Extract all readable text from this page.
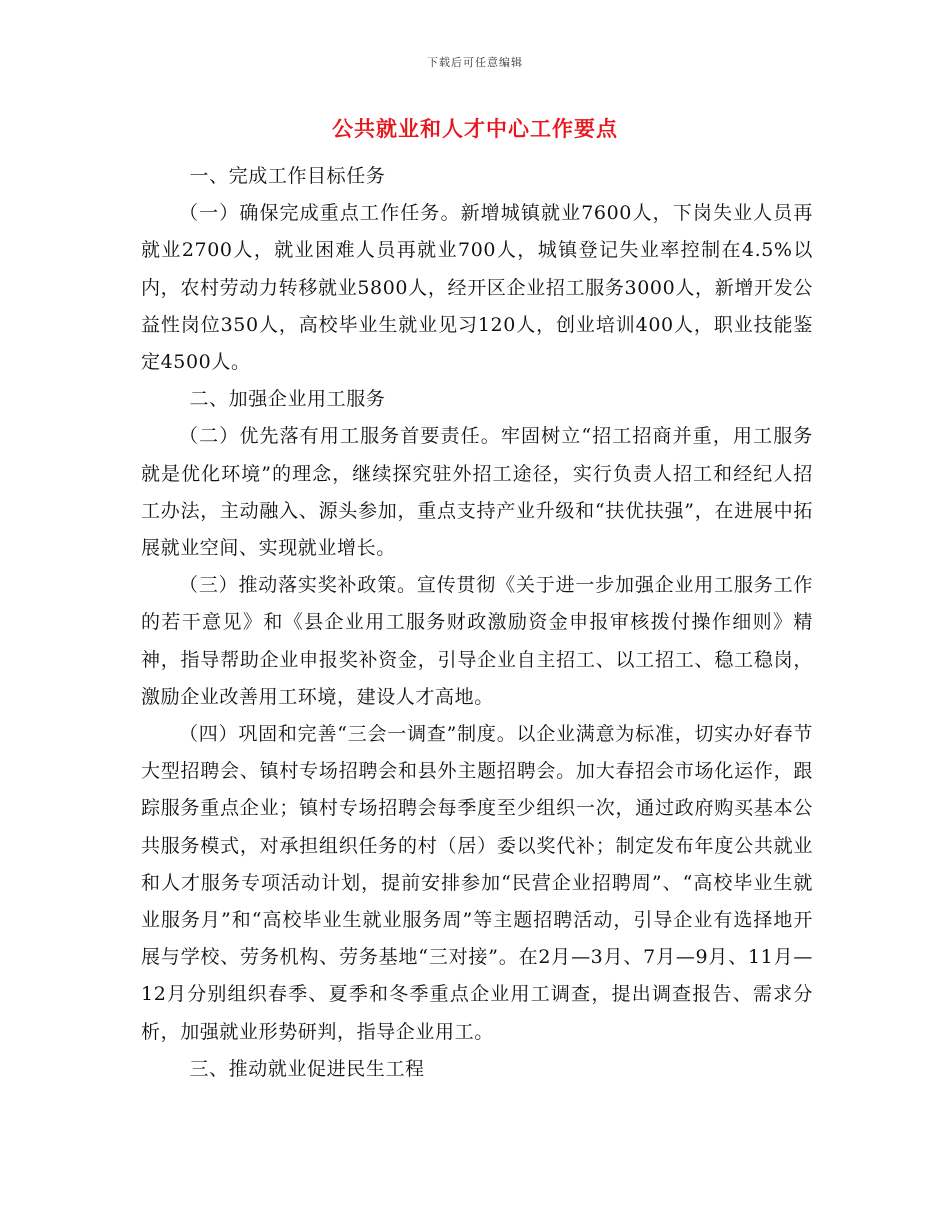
下载后可任意编辑
公共就业和人才中心工作要点

一、完成工作目标任务

（一）确保完成重点工作任务。新增城镇就业7600人，下岗失业人员再就业2700人，就业困难人员再就业700人，城镇登记失业率控制在4.5%以内，农村劳动力转移就业5800人，经开区企业招工服务3000人，新增开发公益性岗位350人，高校毕业生就业见习120人，创业培训400人，职业技能鉴定4500人。

二、加强企业用工服务

（二）优先落有用工服务首要责任。牢固树立“招工招商并重，用工服务就是优化环境”的理念，继续探究驻外招工途径，实行负责人招工和经纪人招工办法，主动融入、源头参加，重点支持产业升级和“扶优扶强”，在进展中拓展就业空间、实现就业增长。

（三）推动落实奖补政策。宣传贯彻《关于进一步加强企业用工服务工作的若干意见》和《县企业用工服务财政激励资金申报审核拨付操作细则》精神，指导帮助企业申报奖补资金，引导企业自主招工、以工招工、稳工稳岗，激励企业改善用工环境，建设人才高地。

（四）巩固和完善“三会一调查”制度。以企业满意为标准，切实办好春节大型招聘会、镇村专场招聘会和县外主题招聘会。加大春招会市场化运作，跟踪服务重点企业；镇村专场招聘会每季度至少组织一次，通过政府购买基本公共服务模式，对承担组织任务的村（居）委以奖代补；制定发布年度公共就业和人才服务专项活动计划，提前安排参加“民营企业招聘周”、“高校毕业生就业服务月”和“高校毕业生就业服务周”等主题招聘活动，引导企业有选择地开展与学校、劳务机构、劳务基地“三对接”。在2月—3月、7月—9月、11月—12月分别组织春季、夏季和冬季重点企业用工调查，提出调查报告、需求分析，加强就业形势研判，指导企业用工。

三、推动就业促进民生工程
